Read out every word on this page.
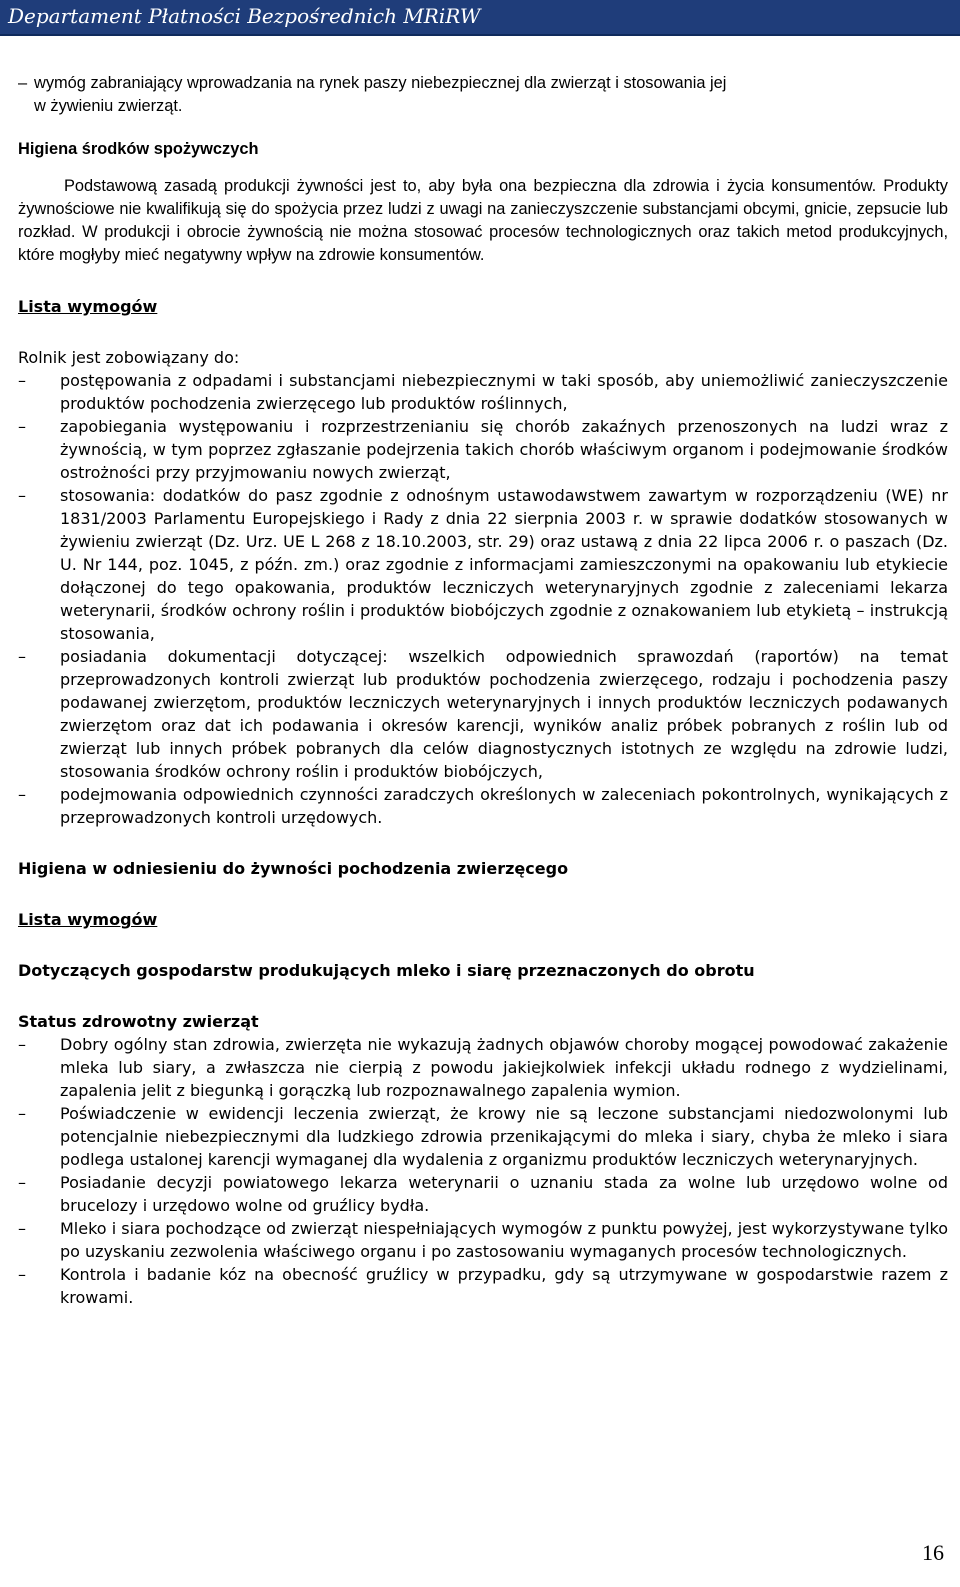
Departament Płatności Bezpośrednich MRiRW
– wymóg zabraniający wprowadzania na rynek paszy niebezpiecznej dla zwierząt i stosowania jej
w żywieniu zwierząt.

Higiena środków spożywczych

Podstawową zasadą produkcji żywności jest to, aby była ona bezpieczna dla zdrowia i życia konsumentów. Produkty żywnościowe nie kwalifikują się do spożycia przez ludzi z uwagi na zanieczyszczenie substancjami obcymi, gnicie, zepsucie lub rozkład. W produkcji i obrocie żywnością nie można stosować procesów technologicznych oraz takich metod produkcyjnych, które mogłyby mieć negatywny wpływ na zdrowie konsumentów.

Lista wymogów

Rolnik jest zobowiązany do:

–	postępowania z odpadami i substancjami niebezpiecznymi w taki sposób, aby uniemożliwić zanieczyszczenie produktów pochodzenia zwierzęcego lub produktów roślinnych,
–	zapobiegania występowaniu i rozprzestrzenianiu się chorób zakaźnych przenoszonych na ludzi wraz z żywnością, w tym poprzez zgłaszanie podejrzenia takich chorób właściwym organom i podejmowanie środków ostrożności przy przyjmowaniu nowych zwierząt,
–	stosowania: dodatków do pasz zgodnie z odnośnym ustawodawstwem zawartym w rozporządzeniu (WE) nr 1831/2003 Parlamentu Europejskiego i Rady z dnia 22 sierpnia 2003 r. w sprawie dodatków stosowanych w żywieniu zwierząt (Dz. Urz. UE L 268 z 18.10.2003, str. 29) oraz ustawą z dnia 22 lipca 2006 r. o paszach (Dz. U. Nr 144, poz. 1045, z późn. zm.) oraz zgodnie z informacjami zamieszczonymi na opakowaniu lub etykiecie dołączonej do tego opakowania, produktów leczniczych weterynaryjnych zgodnie z zaleceniami lekarza weterynarii, środków ochrony roślin i produktów biobójczych zgodnie z oznakowaniem lub etykietą – instrukcją stosowania,
–	posiadania dokumentacji dotyczącej: wszelkich odpowiednich sprawozdań (raportów) na temat przeprowadzonych kontroli zwierząt lub produktów pochodzenia zwierzęcego, rodzaju i pochodzenia paszy podawanej zwierzętom, produktów leczniczych weterynaryjnych i innych produktów leczniczych podawanych zwierzętom oraz dat ich podawania i okresów karencji, wyników analiz próbek pobranych z roślin lub od zwierząt lub innych próbek pobranych dla celów diagnostycznych istotnych ze względu na zdrowie ludzi, stosowania środków ochrony roślin i produktów biobójczych,
–	podejmowania odpowiednich czynności zaradczych określonych w zaleceniach pokontrolnych, wynikających z przeprowadzonych kontroli urzędowych.

Higiena w odniesieniu do żywności pochodzenia zwierzęcego

Lista wymogów

Dotyczących gospodarstw produkujących mleko i siarę przeznaczonych do obrotu

Status zdrowotny zwierząt

–	Dobry ogólny stan zdrowia, zwierzęta nie wykazują żadnych objawów choroby mogącej powodować zakażenie mleka lub siary, a zwłaszcza nie cierpią z powodu jakiejkolwiek infekcji układu rodnego z wydzielinami, zapalenia jelit z biegunką i gorączką lub rozpoznawalnego zapalenia wymion.
–	Poświadczenie w ewidencji leczenia zwierząt, że krowy nie są leczone substancjami niedozwolonymi lub potencjalnie niebezpiecznymi dla ludzkiego zdrowia przenikającymi do mleka i siary, chyba że mleko i siara podlega ustalonej karencji wymaganej dla wydalenia z organizmu produktów leczniczych weterynaryjnych.
–	Posiadanie decyzji powiatowego lekarza weterynarii o uznaniu stada za wolne lub urzędowo wolne od brucelozy i urzędowo wolne od gruźlicy bydła.
–	Mleko i siara pochodzące od zwierząt niespełniających wymogów z punktu powyżej, jest wykorzystywane tylko po uzyskaniu zezwolenia właściwego organu i po zastosowaniu wymaganych procesów technologicznych.
–	Kontrola i badanie kóz na obecność gruźlicy w przypadku, gdy są utrzymywane w gospodarstwie razem z krowami.
16
